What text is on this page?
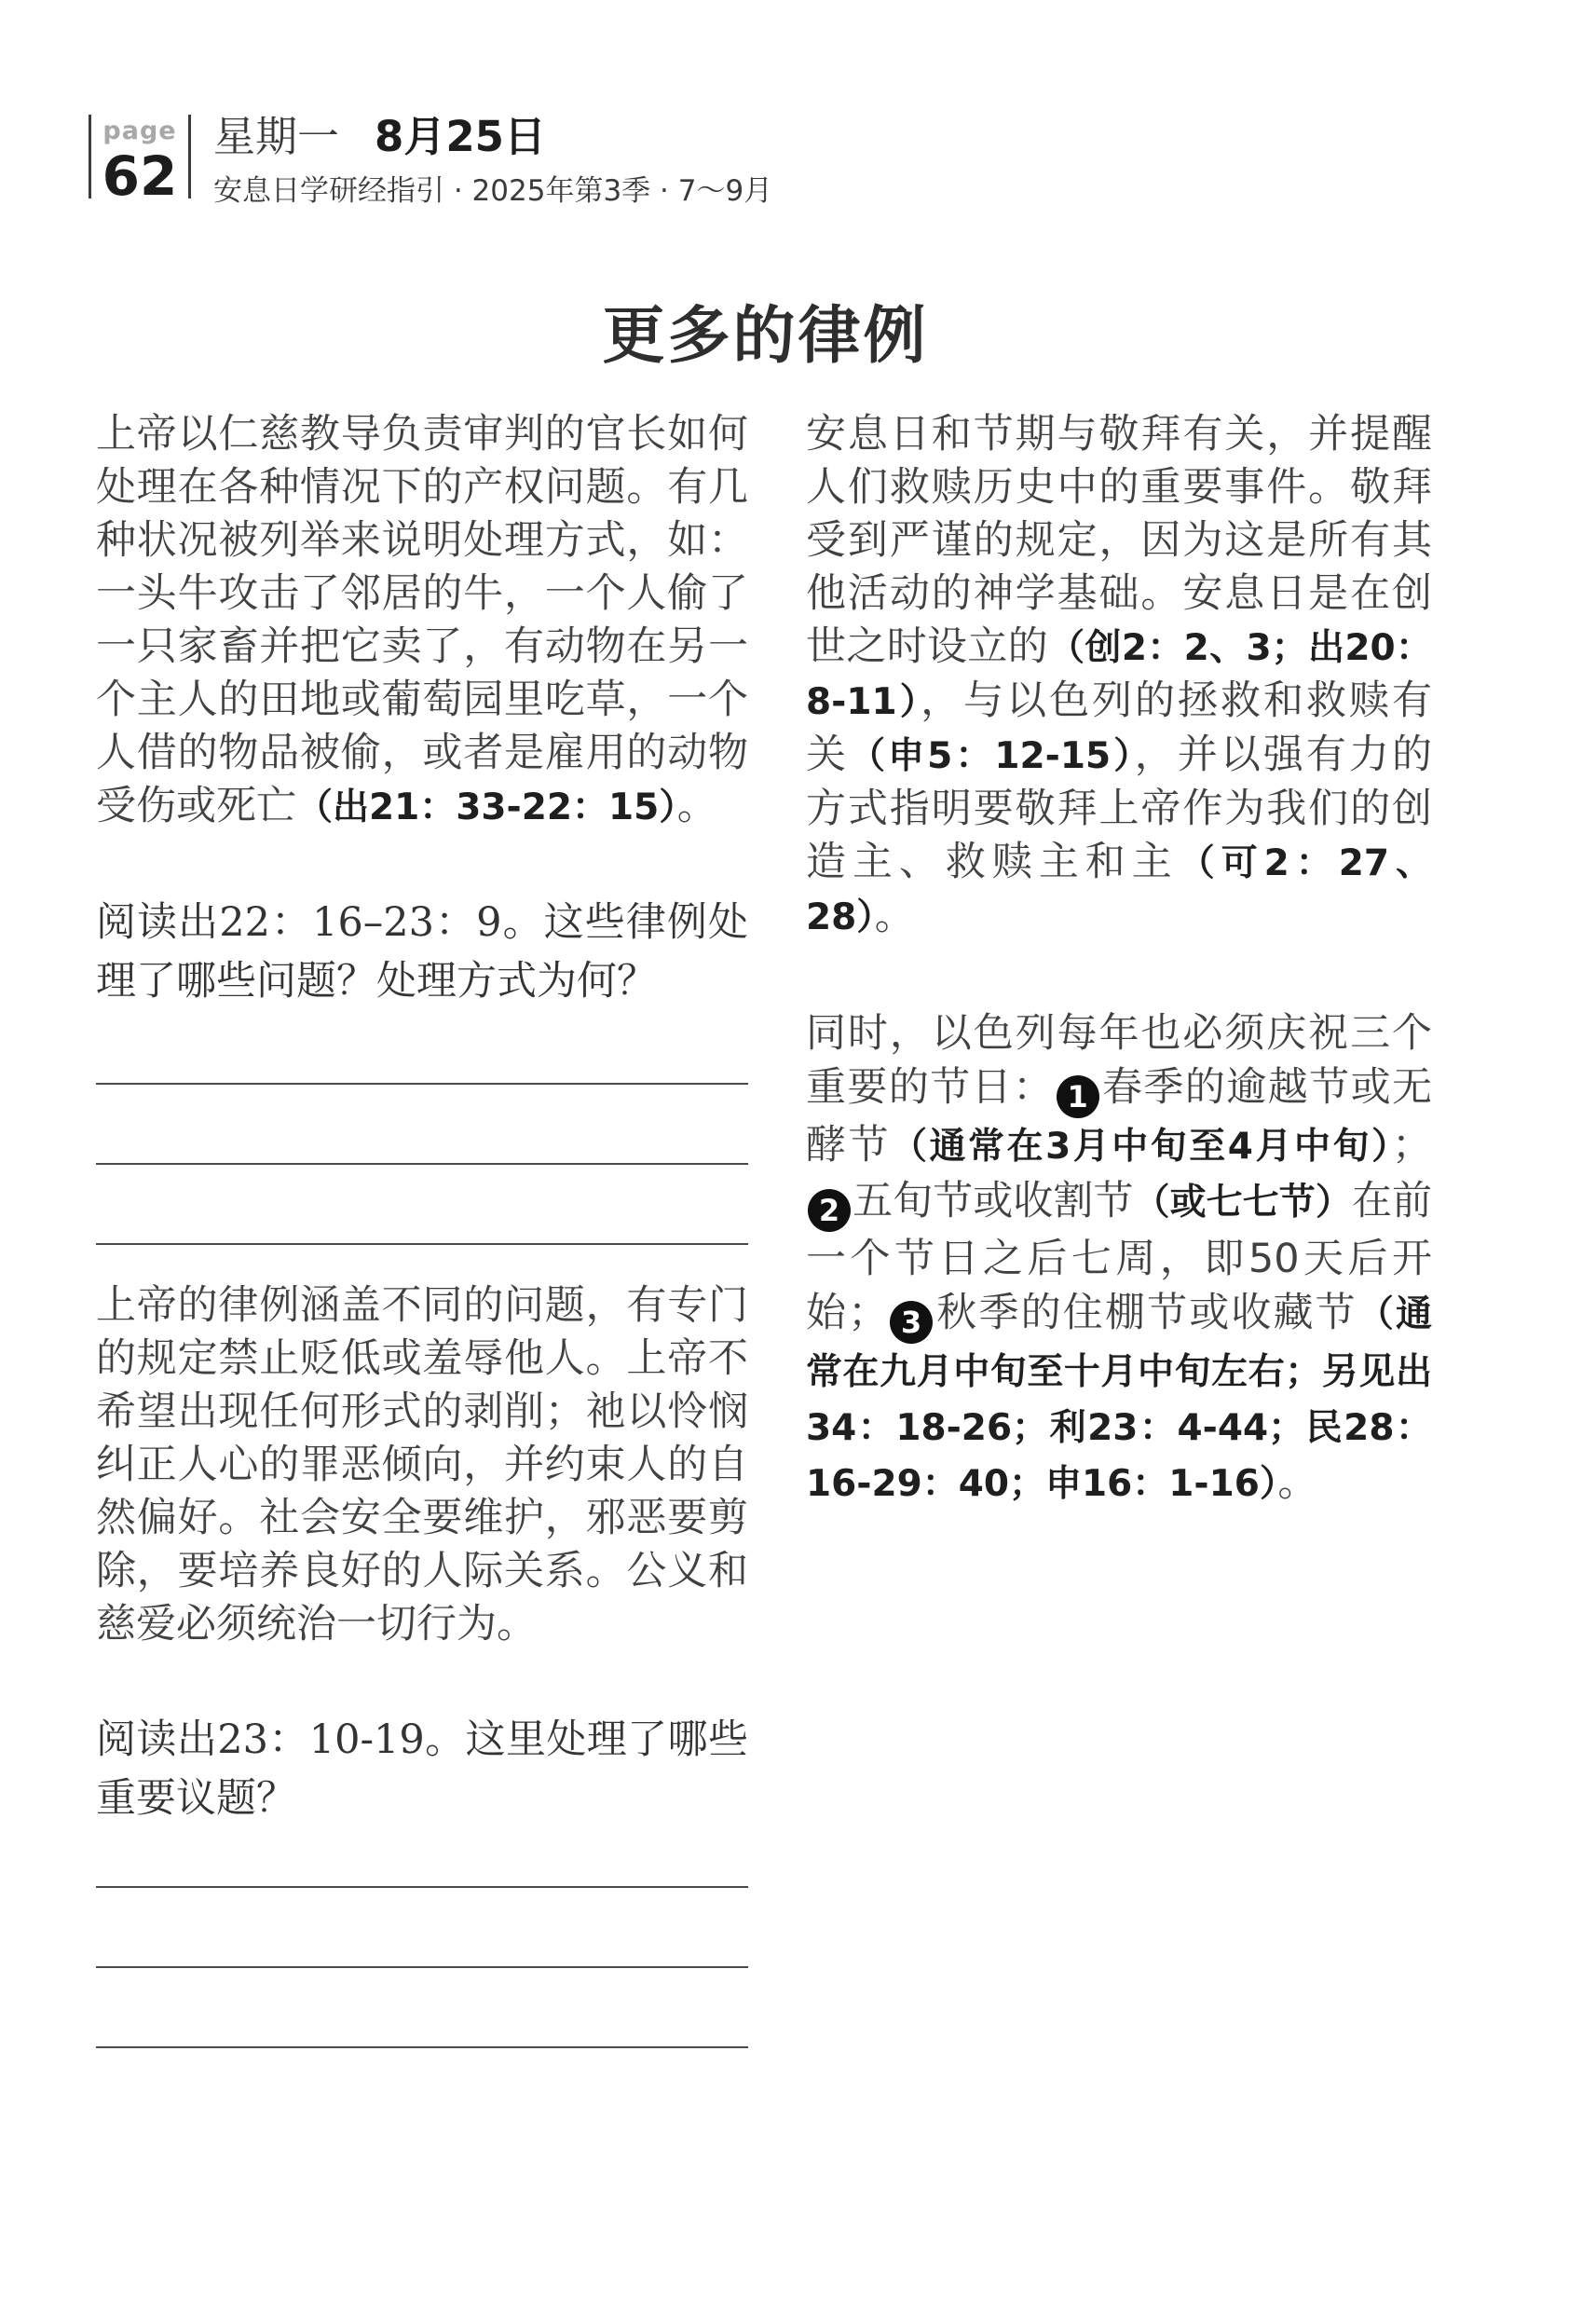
page
62
星期一 8月25日
安息日学研经指引 · 2025年第3季 · 7～9月
更多的律例

上帝以仁慈教导负责审判的官长如何处理在各种情况下的产权问题。有几种状况被列举来说明处理方式，如：一头牛攻击了邻居的牛，一个人偷了一只家畜并把它卖了，有动物在另一个主人的田地或葡萄园里吃草，一个人借的物品被偷，或者是雇用的动物受伤或死亡（出21：33-22：15）。

阅读出22：16–23：9。这些律例处理了哪些问题？处理方式为何？

上帝的律例涵盖不同的问题，有专门的规定禁止贬低或羞辱他人。上帝不希望出现任何形式的剥削；祂以怜悯纠正人心的罪恶倾向，并约束人的自然偏好。社会安全要维护，邪恶要剪除，要培养良好的人际关系。公义和慈爱必须统治一切行为。

阅读出23：10-19。这里处理了哪些重要议题？

安息日和节期与敬拜有关，并提醒人们救赎历史中的重要事件。敬拜受到严谨的规定，因为这是所有其他活动的神学基础。安息日是在创世之时设立的（创2：2、3；出20：8-11），与以色列的拯救和救赎有关（申5：12-15），并以强有力的方式指明要敬拜上帝作为我们的创造主、救赎主和主（可2：27、28）。

同时，以色列每年也必须庆祝三个重要的节日： 1 春季的逾越节或无酵节（通常在3月中旬至4月中旬）；2 五旬节或收割节（或七七节）在前一个节日之后七周，即50天后开始； 3 秋季的住棚节或收藏节（通常在九月中旬至十月中旬左右；另见出34：18-26；利23：4-44；民28：16-29：40；申16：1-16）。
